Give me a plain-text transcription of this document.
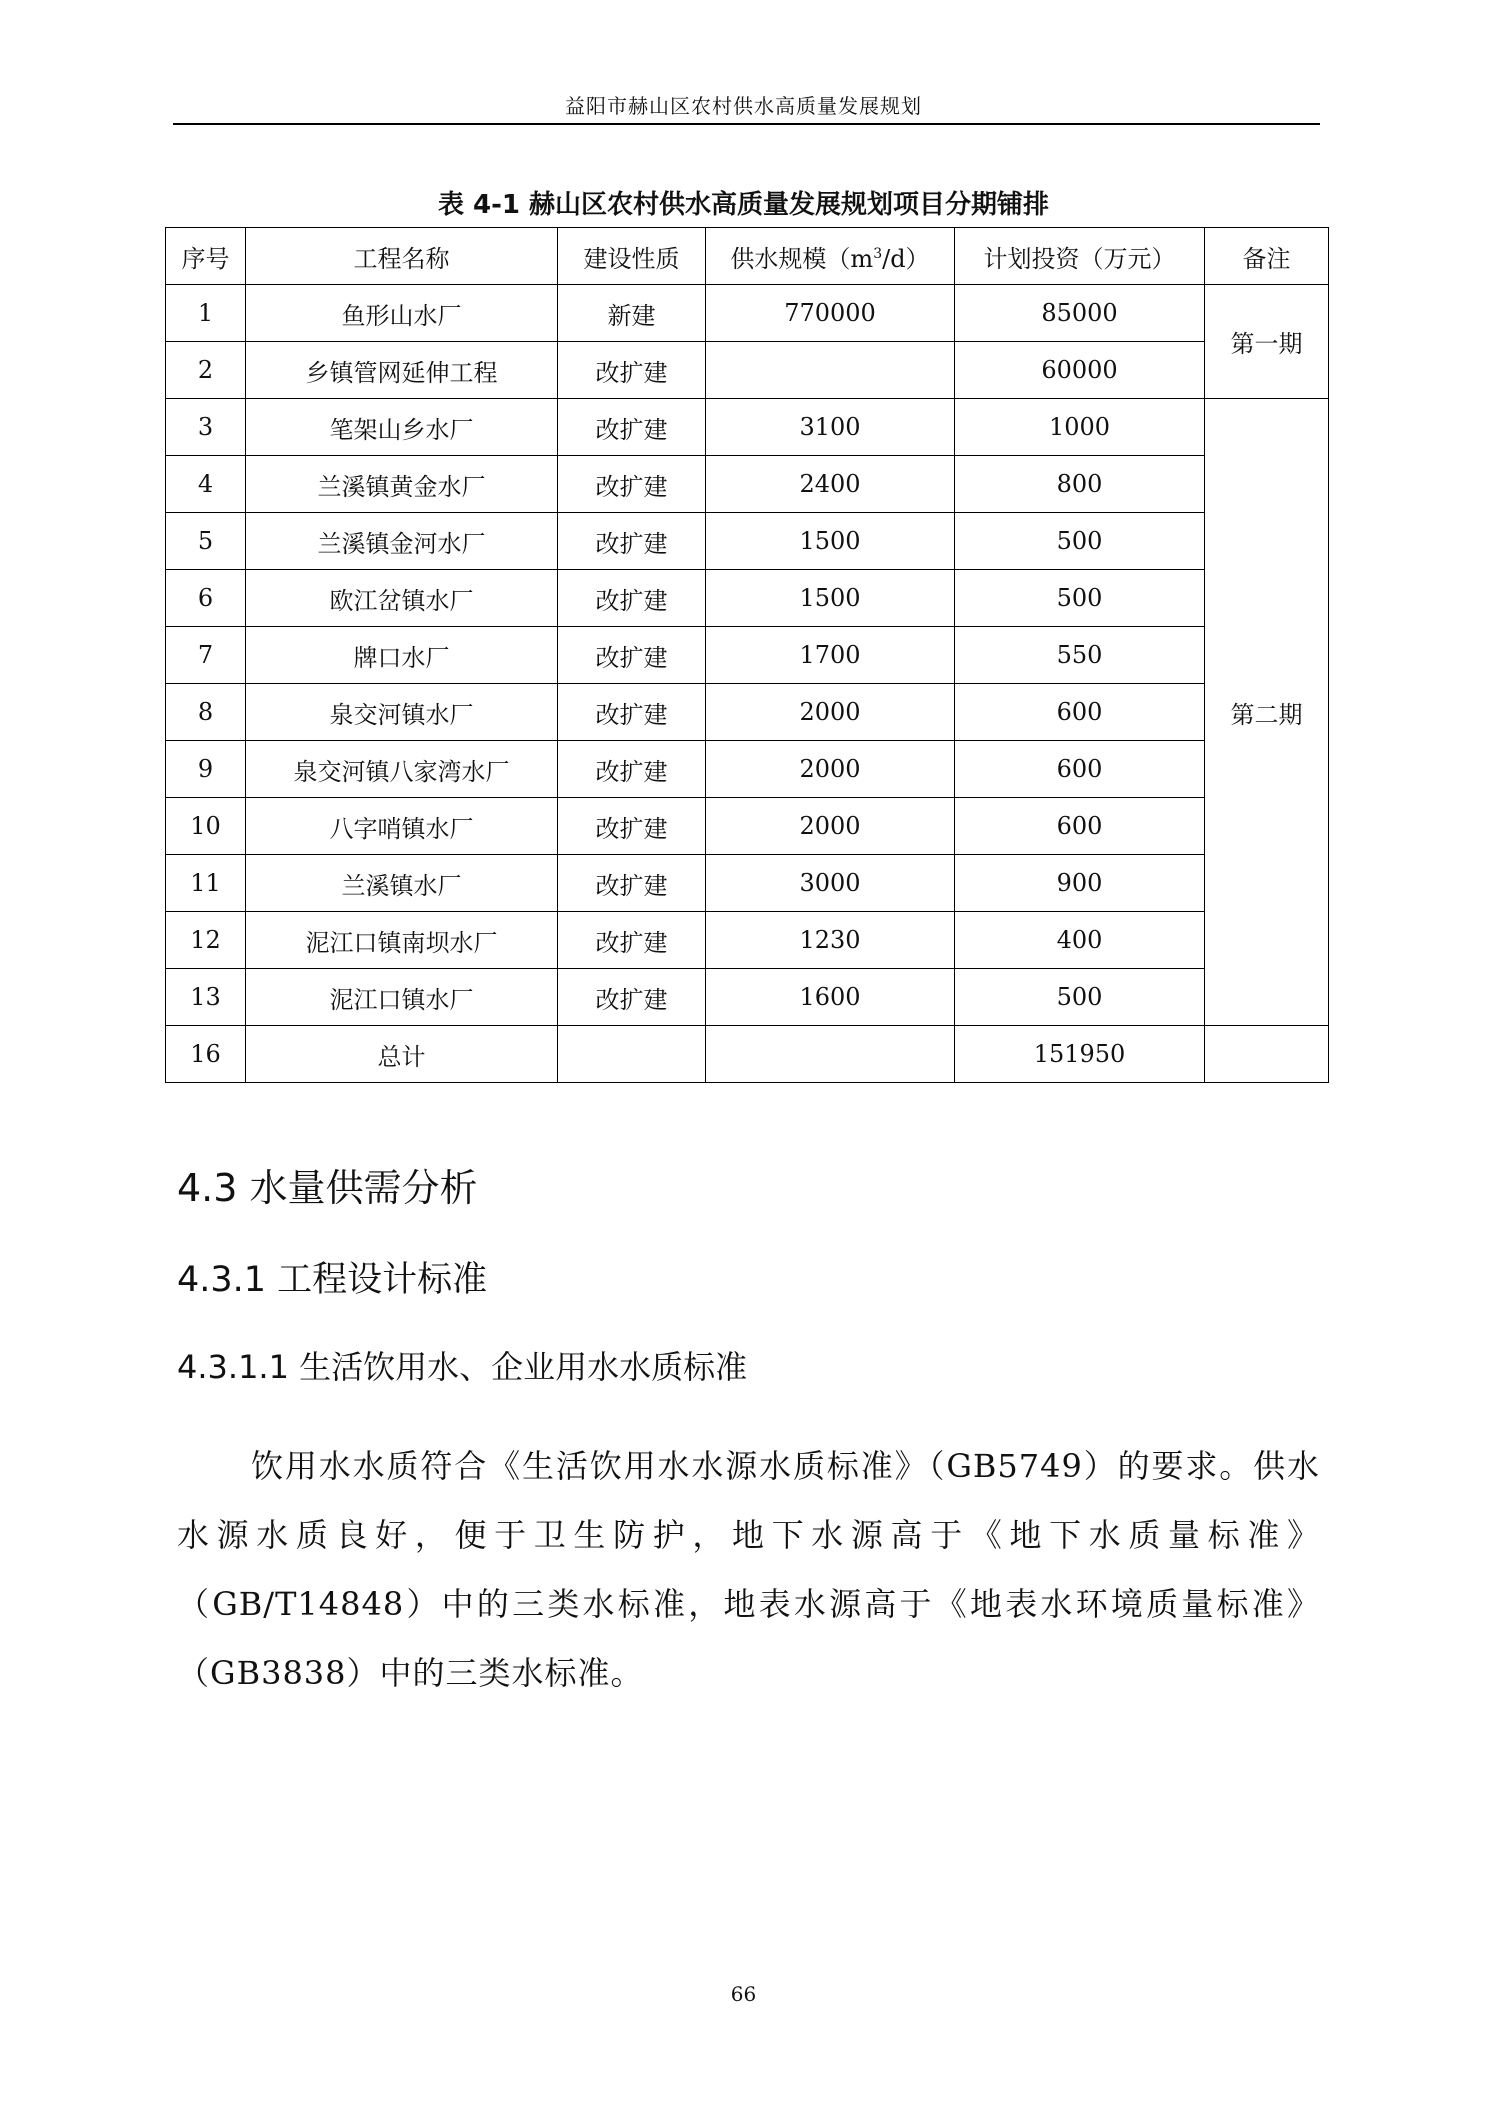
益阳市赫山区农村供水高质量发展规划
表 4-1 赫山区农村供水高质量发展规划项目分期铺排
序号	工程名称	建设性质	供水规模$(m^3/d)$	计划投资（万元）	备注
1	鱼形山水厂	新建	770000	85000	第一期
2	乡镇管网延伸工程	改扩建		60000	
3	笔架山乡水厂	改扩建	3100	1000	第二期
4	兰溪镇黄金水厂	改扩建	2400	800	
5	兰溪镇金河水厂	改扩建	1500	500	
6	欧江岔镇水厂	改扩建	1500	500	
7	牌口水厂	改扩建	1700	550	
8	泉交河镇水厂	改扩建	2000	600	
9	泉交河镇八家湾水厂	改扩建	2000	600	
10	八字哨镇水厂	改扩建	2000	600	
11	兰溪镇水厂	改扩建	3000	900	
12	泥江口镇南坝水厂	改扩建	1230	400	
13	泥江口镇水厂	改扩建	1600	500	
16	总计			151950	
4.3 水量供需分析
4.3.1 工程设计标准
4.3.1.1 生活饮用水、企业用水水质标准
饮用水水质符合《生活饮用水水源水质标准》（GB5749）的要求。供水水源水质良好，便于卫生防护，地下水源高于《地下水质量标准》（GB/T14848）中的三类水标准，地表水源高于《地表水环境质量标准》（GB3838）中的三类水标准。
66
